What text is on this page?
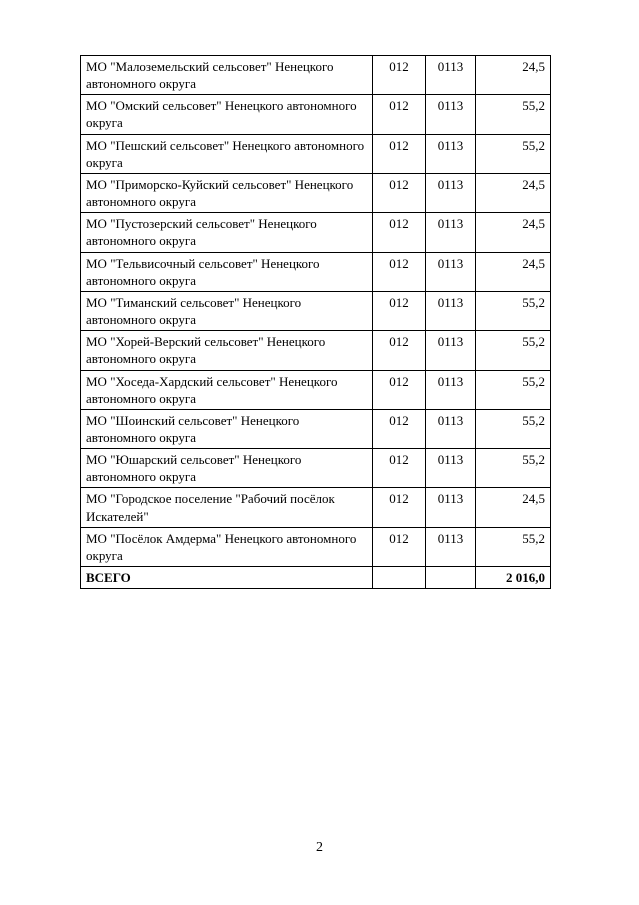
МО "Малоземельский сельсовет" Ненецкого автономного округа	012	0113	24,5
МО "Омский сельсовет" Ненецкого автономного округа	012	0113	55,2
МО "Пешский сельсовет" Ненецкого автономного округа	012	0113	55,2
МО "Приморско-Куйский сельсовет" Ненецкого автономного округа	012	0113	24,5
МО "Пустозерский сельсовет" Ненецкого автономного округа	012	0113	24,5
МО "Тельвисочный сельсовет" Ненецкого автономного округа	012	0113	24,5
МО "Тиманский сельсовет" Ненецкого автономного округа	012	0113	55,2
МО "Хорей-Верский сельсовет" Ненецкого автономного округа	012	0113	55,2
МО "Хоседа-Хардский сельсовет" Ненецкого автономного округа	012	0113	55,2
МО "Шоинский сельсовет" Ненецкого автономного округа	012	0113	55,2
МО "Юшарский сельсовет" Ненецкого автономного округа	012	0113	55,2
МО "Городское поселение "Рабочий посёлок Искателей"	012	0113	24,5
МО "Посёлок Амдерма" Ненецкого автономного округа	012	0113	55,2
ВСЕГО			2 016,0
2
